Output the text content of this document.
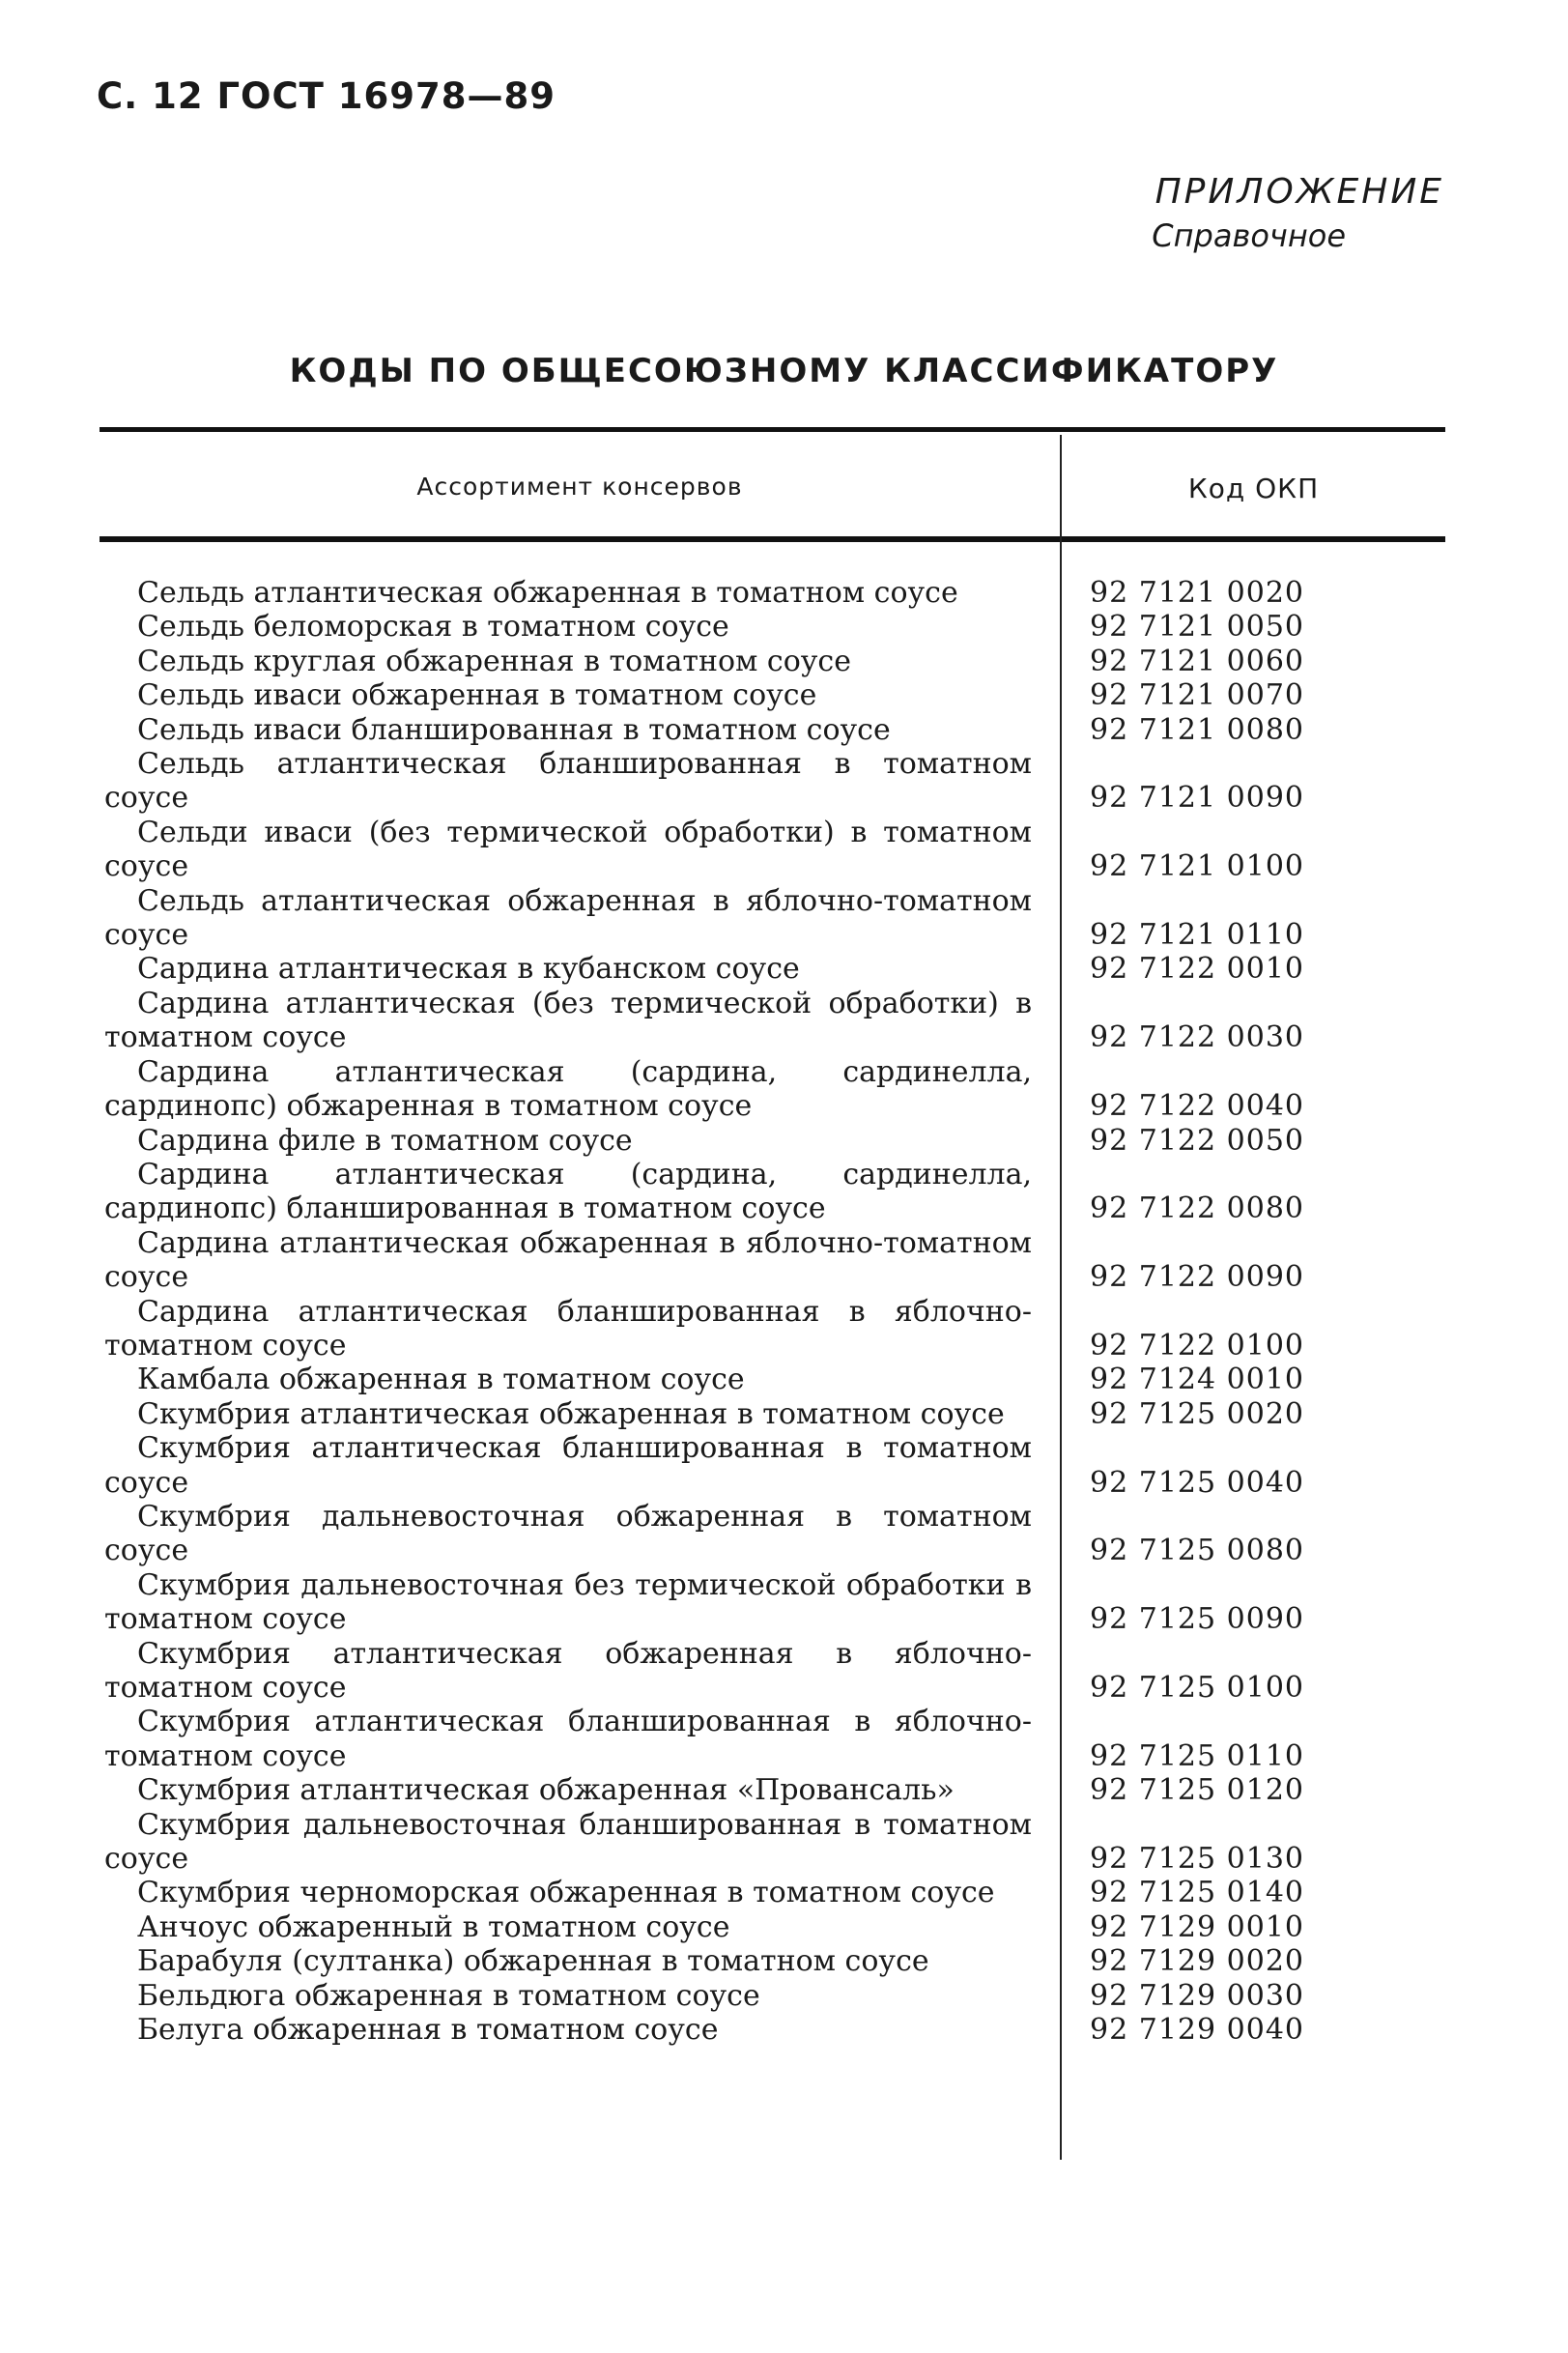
С. 12 ГОСТ 16978—89
ПРИЛОЖЕНИЕ
Справочное
КОДЫ ПО ОБЩЕСОЮЗНОМУ КЛАССИФИКАТОРУ
Ассортимент консервов	Код ОКП
Сельдь атлантическая обжаренная в томатном соусе	92 7121 0020
Сельдь беломорская в томатном соусе	92 7121 0050
Сельдь круглая обжаренная в томатном соусе	92 7121 0060
Сельдь иваси обжаренная в томатном соусе	92 7121 0070
Сельдь иваси бланшированная в томатном соусе	92 7121 0080
Сельдь атлантическая бланшированная в томатном соусе	92 7121 0090
Сельди иваси (без термической обработки) в томатном соусе	92 7121 0100
Сельдь атлантическая обжаренная в яблочно-томатном соусе	92 7121 0110
Сардина атлантическая в кубанском соусе	92 7122 0010
Сардина атлантическая (без термической обработки) в томатном соусе	92 7122 0030
Сардина атлантическая (сардина, сардинелла, сардинопс) обжаренная в томатном соусе	92 7122 0040
Сардина филе в томатном соусе	92 7122 0050
Сардина атлантическая (сардина, сардинелла, сардинопс) бланшированная в томатном соусе	92 7122 0080
Сардина атлантическая обжаренная в яблочно-томатном соусе	92 7122 0090
Сардина атлантическая бланшированная в яблочно-томатном соусе	92 7122 0100
Камбала обжаренная в томатном соусе	92 7124 0010
Скумбрия атлантическая обжаренная в томатном соусе	92 7125 0020
Скумбрия атлантическая бланшированная в томатном соусе	92 7125 0040
Скумбрия дальневосточная обжаренная в томатном соусе	92 7125 0080
Скумбрия дальневосточная без термической обработки в томатном соусе	92 7125 0090
Скумбрия атлантическая обжаренная в яблочно-томатном соусе	92 7125 0100
Скумбрия атлантическая бланшированная в яблочно-томатном соусе	92 7125 0110
Скумбрия атлантическая обжаренная «Провансаль»	92 7125 0120
Скумбрия дальневосточная бланшированная в томатном соусе	92 7125 0130
Скумбрия черноморская обжаренная в томатном соусе	92 7125 0140
Анчоус обжаренный в томатном соусе	92 7129 0010
Барабуля (султанка) обжаренная в томатном соусе	92 7129 0020
Бельдюга обжаренная в томатном соусе	92 7129 0030
Белуга обжаренная в томатном соусе	92 7129 0040
